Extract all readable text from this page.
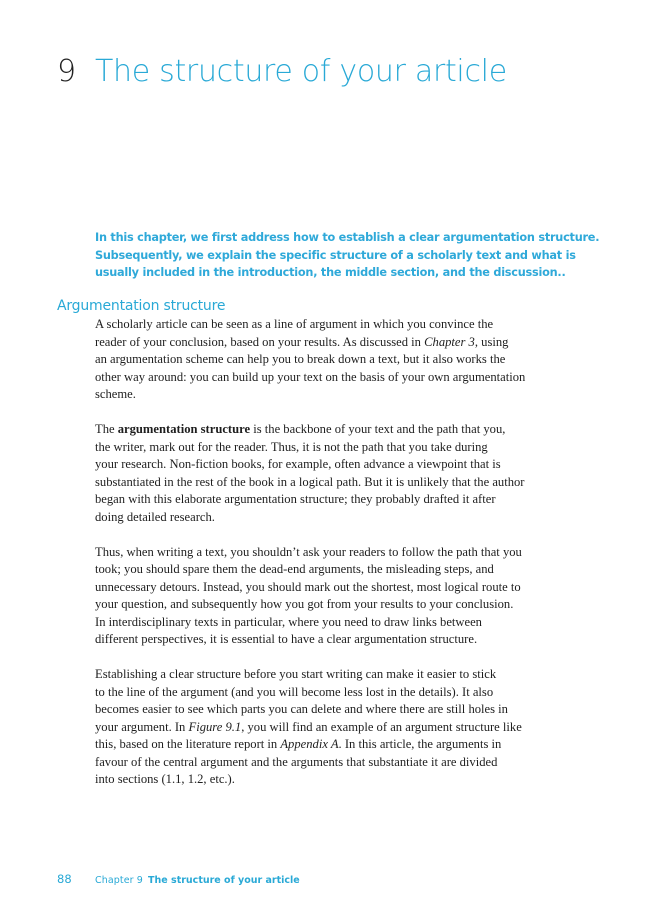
9 The structure of your article

In this chapter, we first address how to establish a clear argumentation structure.
Subsequently, we explain the specific structure of a scholarly text and what is
usually included in the introduction, the middle section, and the discussion..

Argumentation structure

A scholarly article can be seen as a line of argument in which you convince the
reader of your conclusion, based on your results. As discussed in Chapter 3, using
an argumentation scheme can help you to break down a text, but it also works the
other way around: you can build up your text on the basis of your own argumentation
scheme.

The argumentation structure is the backbone of your text and the path that you,
the writer, mark out for the reader. Thus, it is not the path that you take during
your research. Non-fiction books, for example, often advance a viewpoint that is
substantiated in the rest of the book in a logical path. But it is unlikely that the author
began with this elaborate argumentation structure; they probably drafted it after
doing detailed research.

Thus, when writing a text, you shouldn’t ask your readers to follow the path that you
took; you should spare them the dead-end arguments, the misleading steps, and
unnecessary detours. Instead, you should mark out the shortest, most logical route to
your question, and subsequently how you got from your results to your conclusion.
In interdisciplinary texts in particular, where you need to draw links between
different perspectives, it is essential to have a clear argumentation structure.

Establishing a clear structure before you start writing can make it easier to stick
to the line of the argument (and you will become less lost in the details). It also
becomes easier to see which parts you can delete and where there are still holes in
your argument. In Figure 9.1, you will find an example of an argument structure like
this, based on the literature report in Appendix A. In this article, the arguments in
favour of the central argument and the arguments that substantiate it are divided
into sections (1.1, 1.2, etc.).

88 Chapter 9 The structure of your article
